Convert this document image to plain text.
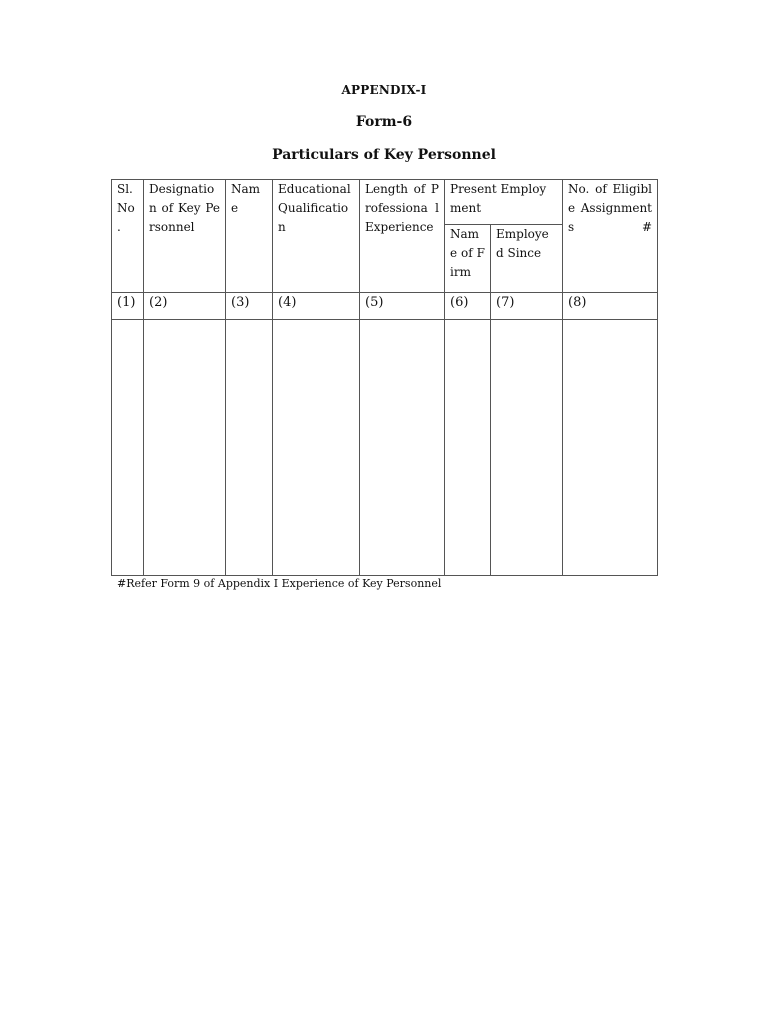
APPENDIX-I
Form-6
Particulars of Key Personnel
Sl. No .	Designatio n of Key Personnel	Nam e	Educational Qualificatio n	Length of Professiona l Experience	Present Employment		No. of Eligible Assignments #
					Nam e of Firm	Employe d Since	
(1)	(2)	(3)	(4)	(5)	(6)	(7)	(8)

#Refer Form 9 of Appendix I Experience of Key Personnel
